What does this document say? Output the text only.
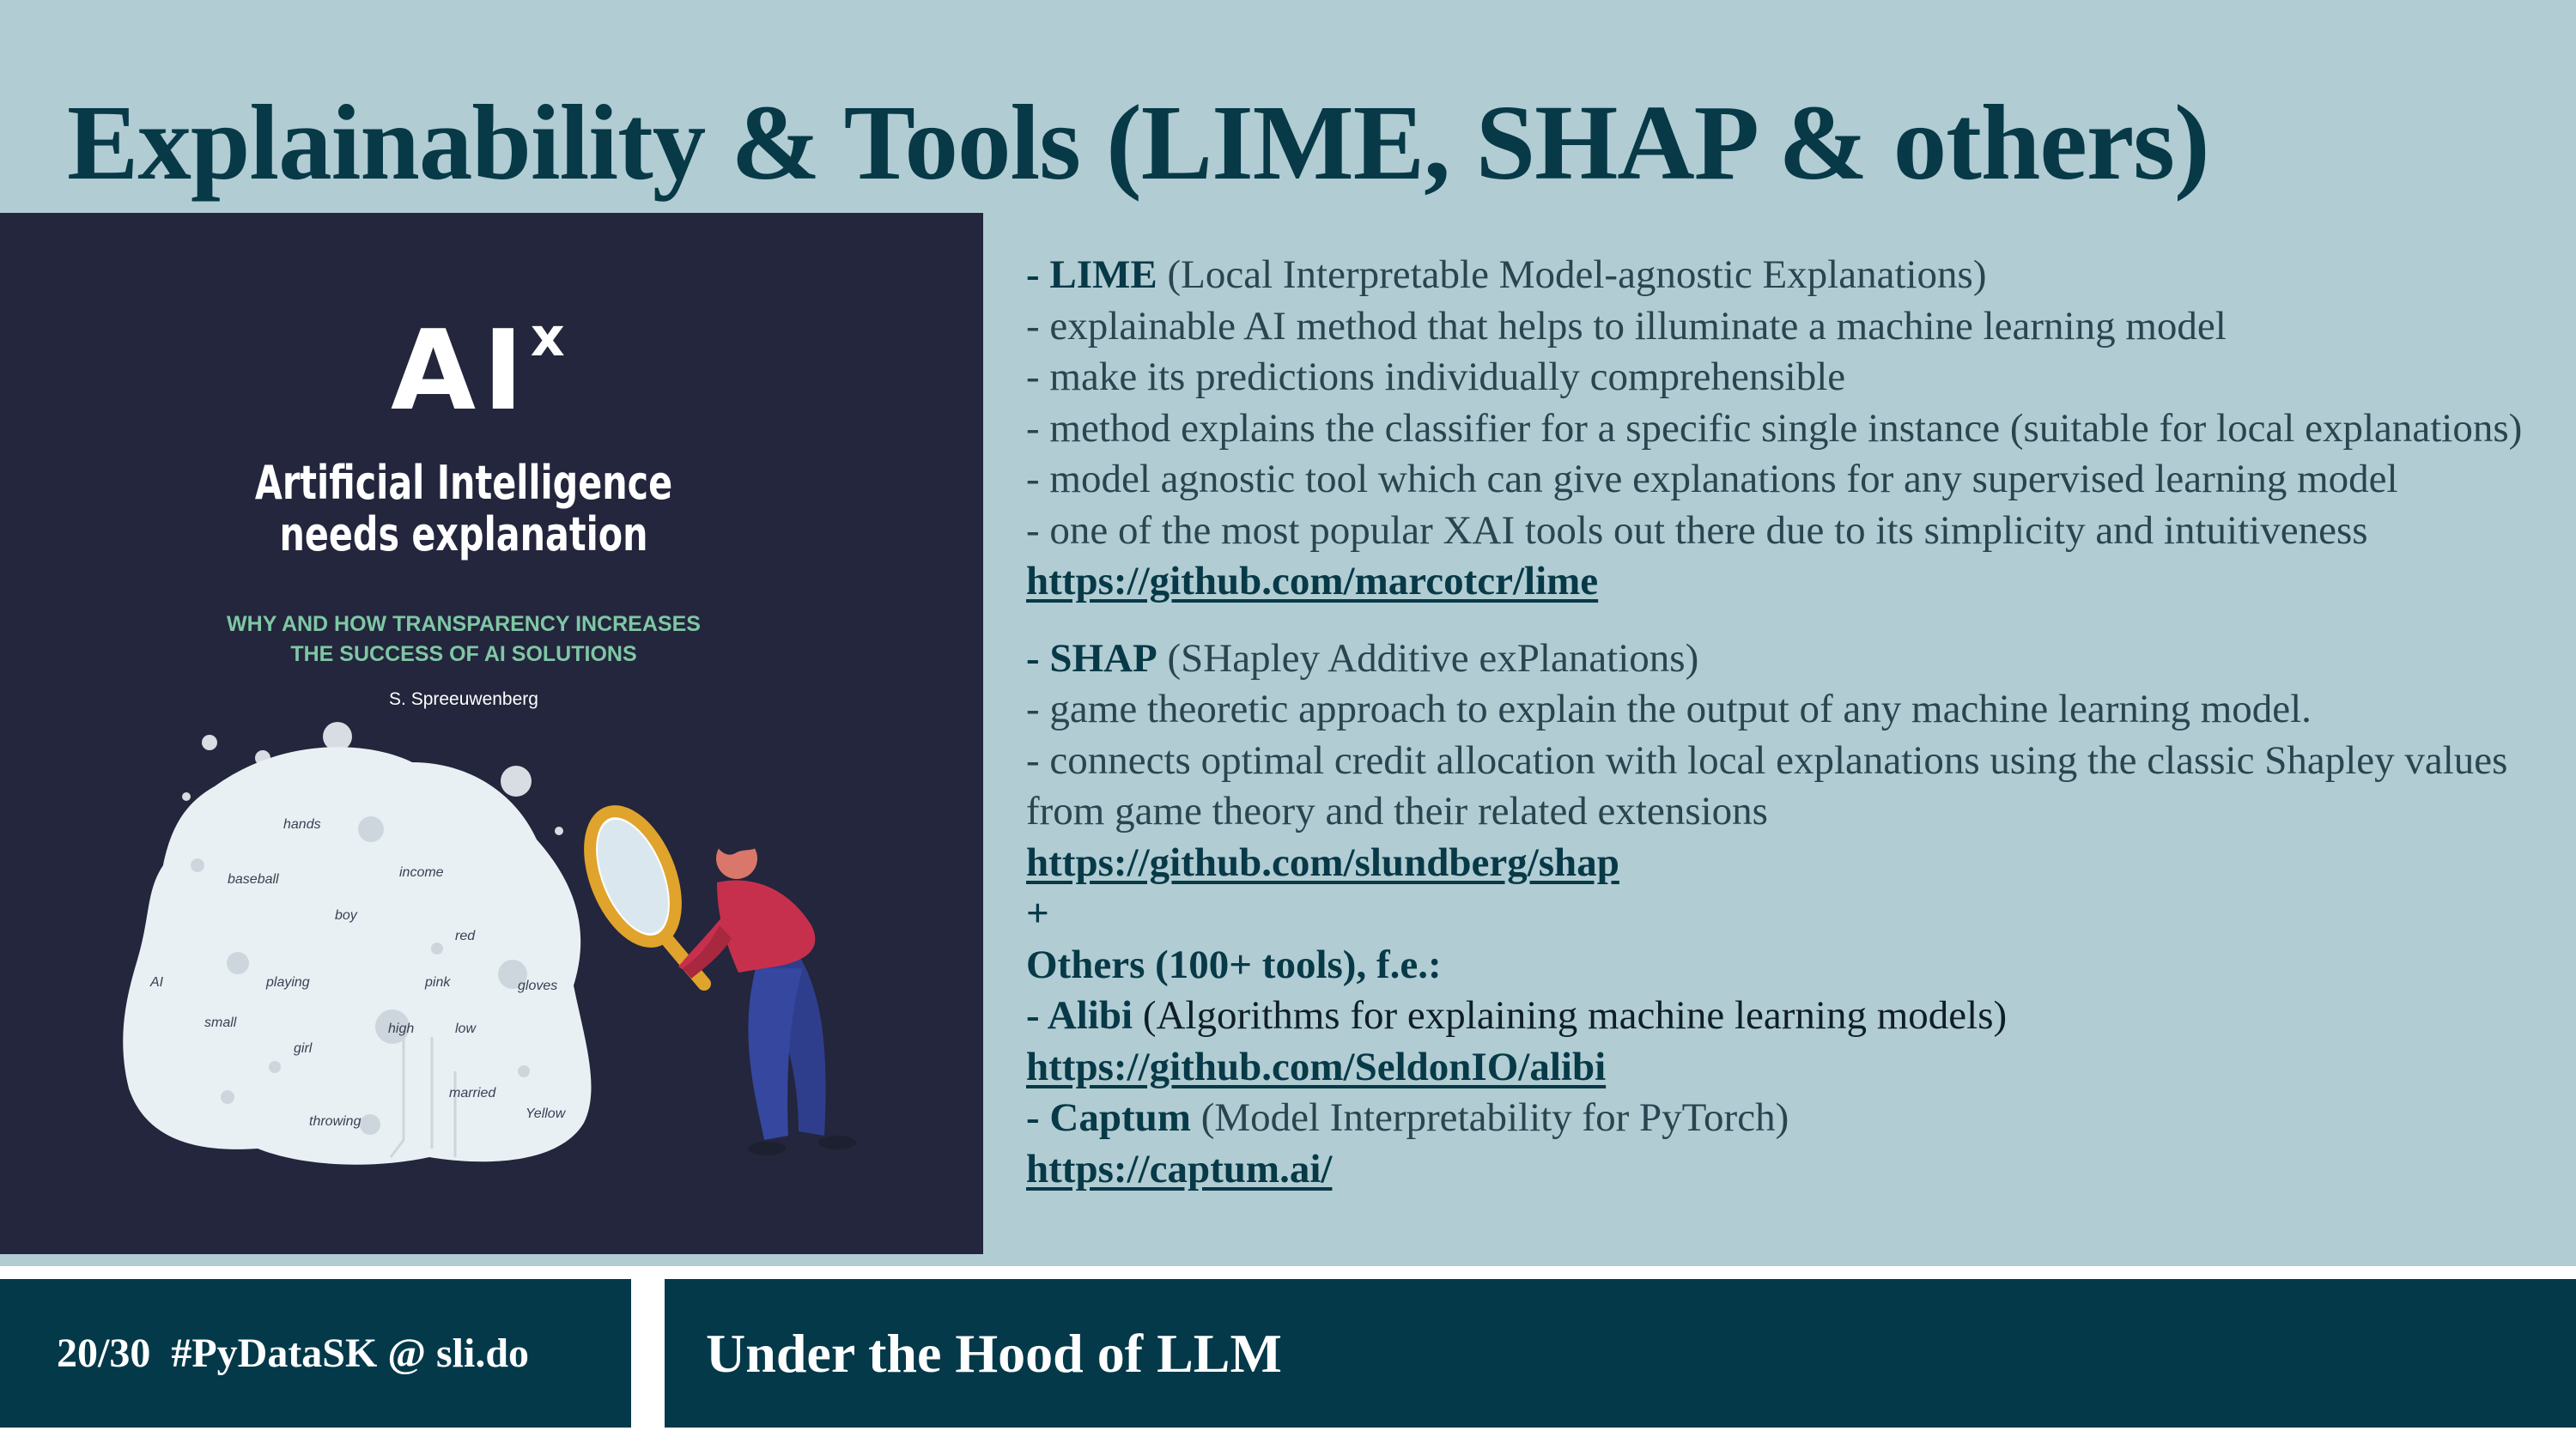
Explainability & Tools (LIME, SHAP & others)
$AI^x$
Artificial Intelligence
needs explanation
WHY AND HOW TRANSPARENCY INCREASES
THE SUCCESS OF AI SOLUTIONS
S. Spreeuwenberg
hands
baseball	income
boy
red
AI	playing	pink	gloves
small	high	low
girl
married
Yellow
throwing

- LIME (Local Interpretable Model-agnostic Explanations)

- explainable AI method that helps to illuminate a machine learning model

- make its predictions individually comprehensible

- method explains the classifier for a specific single instance (suitable for local explanations)

- model agnostic tool which can give explanations for any supervised learning model

- one of the most popular XAI tools out there due to its simplicity and intuitiveness

https://github.com/marcotcr/lime

- SHAP (SHapley Additive exPlanations)

- game theoretic approach to explain the output of any machine learning model.

- connects optimal credit allocation with local explanations using the classic Shapley values from game theory and their related extensions

https://github.com/slundberg/shap

+

Others (100+ tools), f.e.:

- Alibi (Algorithms for explaining machine learning models)

https://github.com/SeldonIO/alibi

- Captum (Model Interpretability for PyTorch)

https://captum.ai/

20/30  #PyDataSK @ sli.do	Under the Hood of LLM
